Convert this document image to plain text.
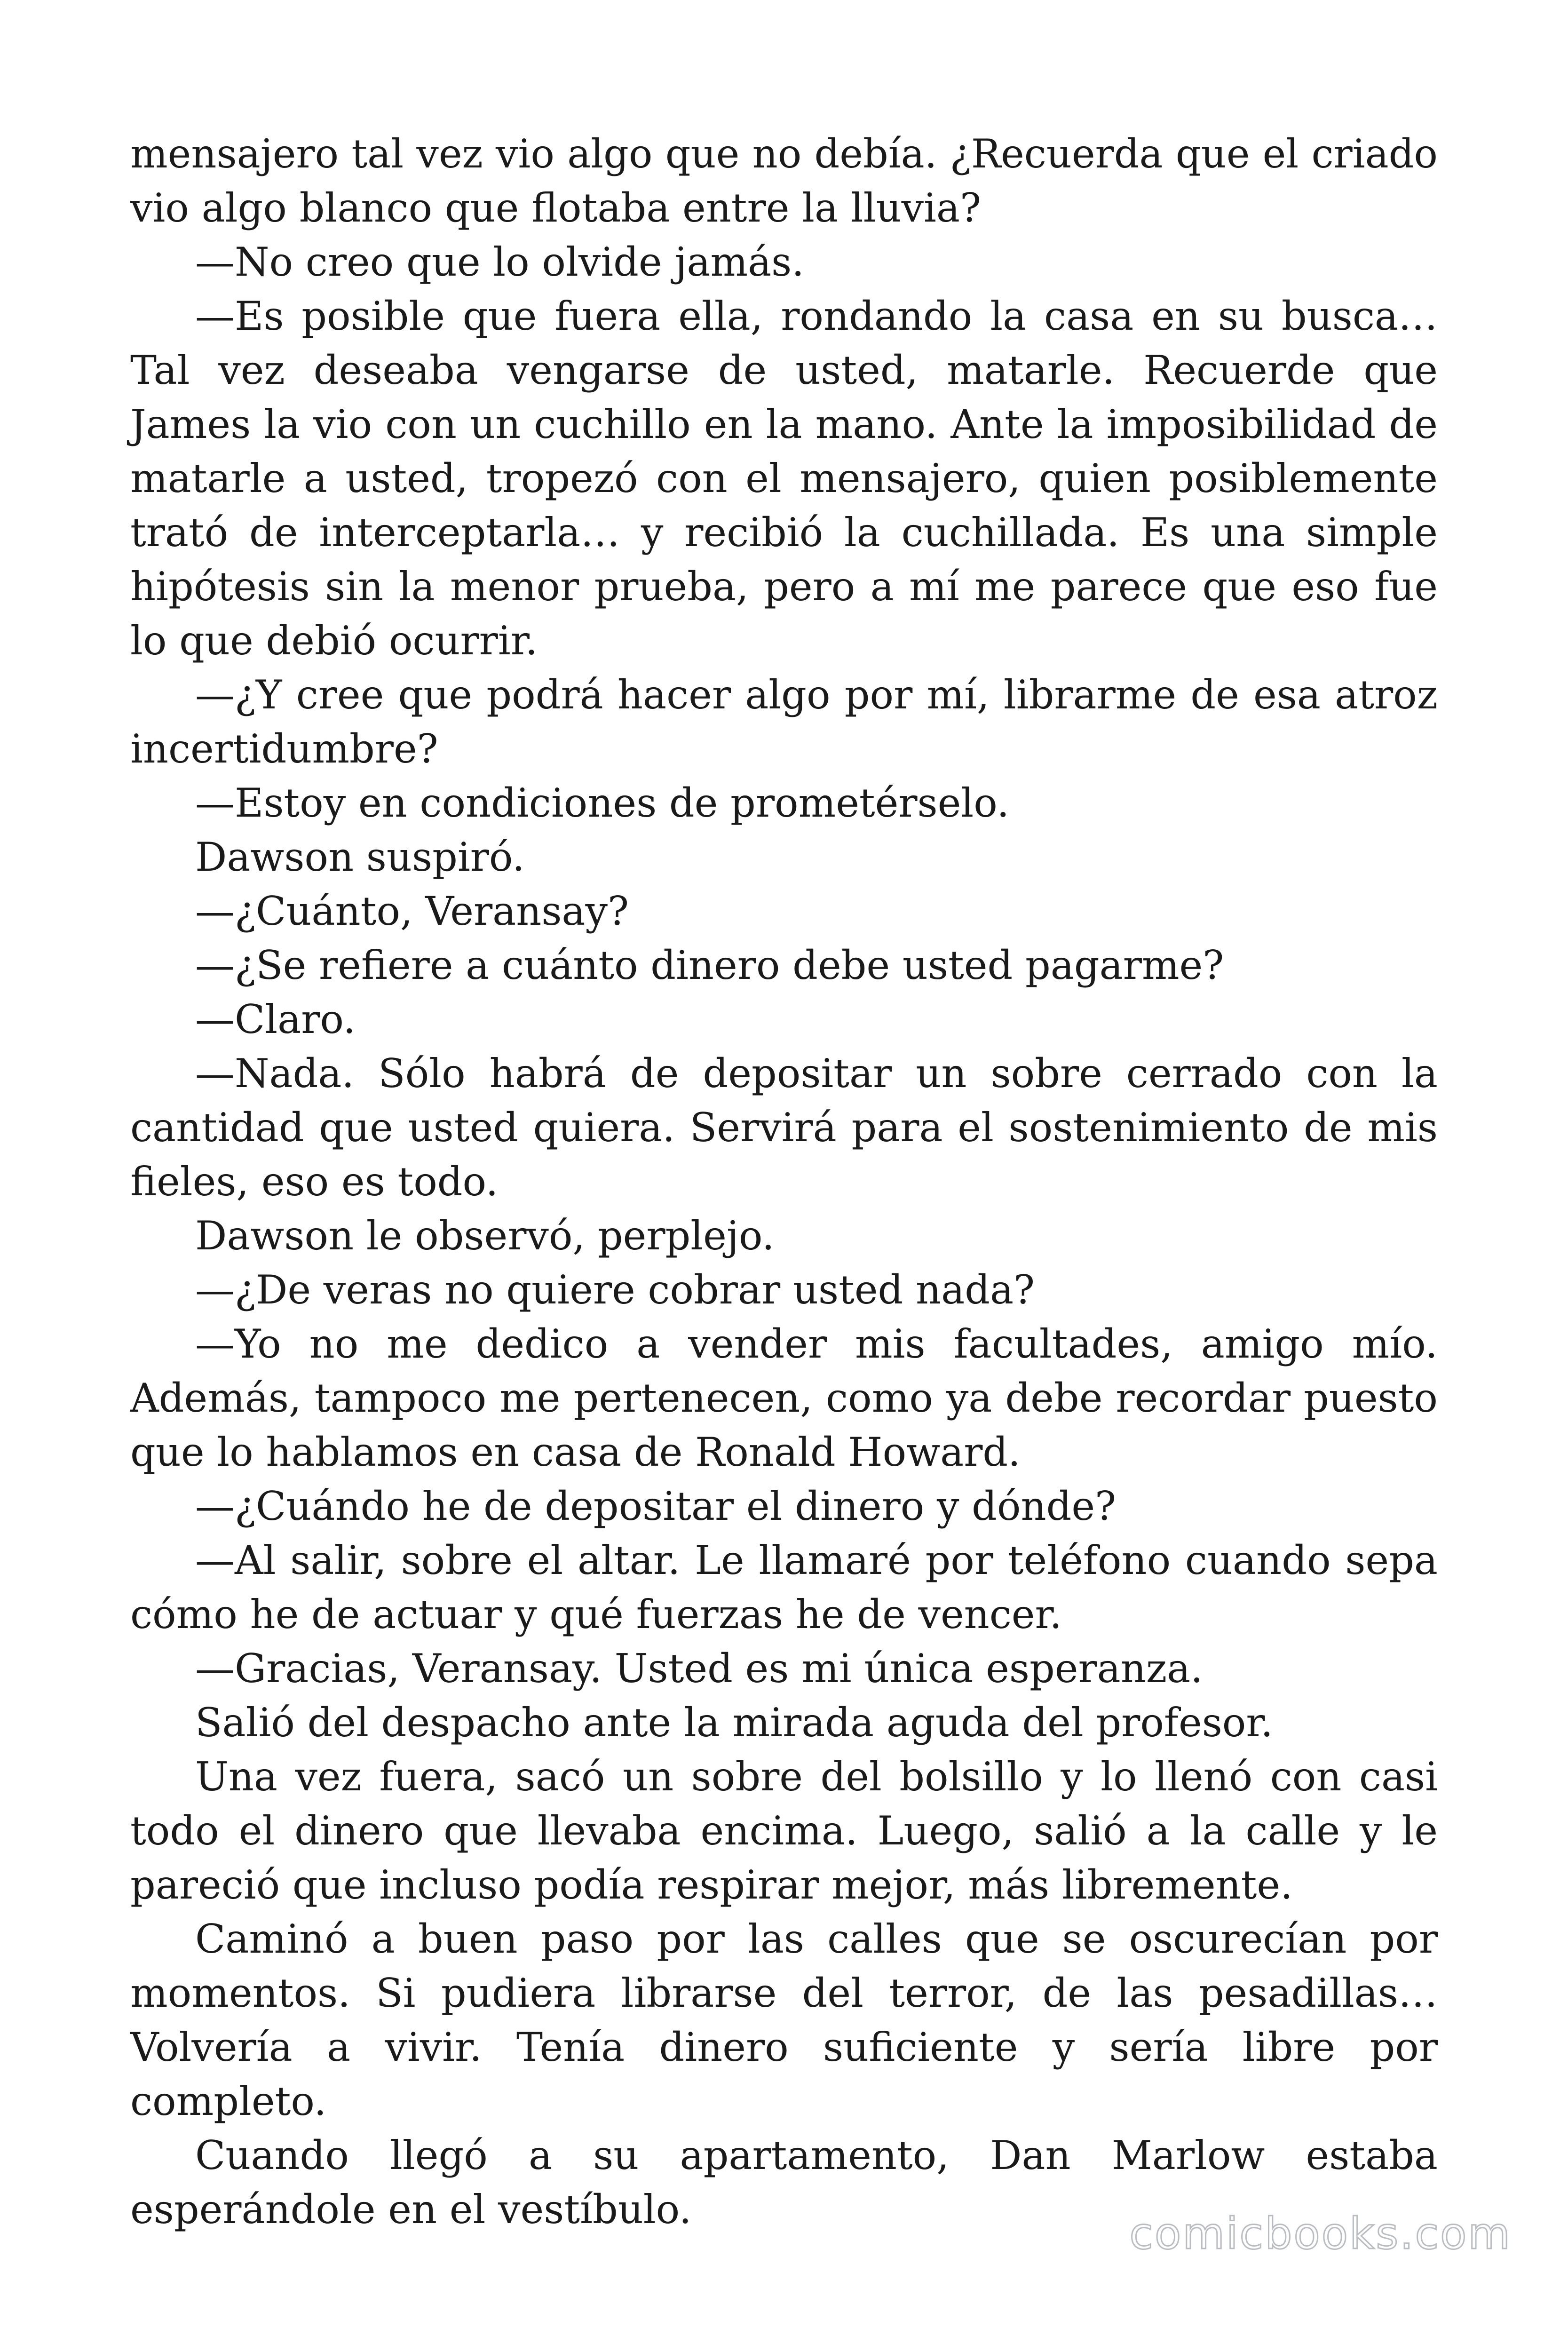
mensajero tal vez vio algo que no debía. ¿Recuerda que el criado vio algo blanco que flotaba entre la lluvia?

—No creo que lo olvide jamás.

—Es posible que fuera ella, rondando la casa en su busca… Tal vez deseaba vengarse de usted, matarle. Recuerde que James la vio con un cuchillo en la mano. Ante la imposibilidad de matarle a usted, tropezó con el mensajero, quien posiblemente trató de interceptarla… y recibió la cuchillada. Es una simple hipótesis sin la menor prueba, pero a mí me parece que eso fue lo que debió ocurrir.

—¿Y cree que podrá hacer algo por mí, librarme de esa atroz incertidumbre?

—Estoy en condiciones de prometérselo.

Dawson suspiró.

—¿Cuánto, Veransay?

—¿Se refiere a cuánto dinero debe usted pagarme?

—Claro.

—Nada. Sólo habrá de depositar un sobre cerrado con la cantidad que usted quiera. Servirá para el sostenimiento de mis fieles, eso es todo.

Dawson le observó, perplejo.

—¿De veras no quiere cobrar usted nada?

—Yo no me dedico a vender mis facultades, amigo mío. Además, tampoco me pertenecen, como ya debe recordar puesto que lo hablamos en casa de Ronald Howard.

—¿Cuándo he de depositar el dinero y dónde?

—Al salir, sobre el altar. Le llamaré por teléfono cuando sepa cómo he de actuar y qué fuerzas he de vencer.

—Gracias, Veransay. Usted es mi única esperanza.

Salió del despacho ante la mirada aguda del profesor.

Una vez fuera, sacó un sobre del bolsillo y lo llenó con casi todo el dinero que llevaba encima. Luego, salió a la calle y le pareció que incluso podía respirar mejor, más libremente.

Caminó a buen paso por las calles que se oscurecían por momentos. Si pudiera librarse del terror, de las pesadillas… Volvería a vivir. Tenía dinero suficiente y sería libre por completo.

Cuando llegó a su apartamento, Dan Marlow estaba esperándole en el vestíbulo.	comicbooks.com
